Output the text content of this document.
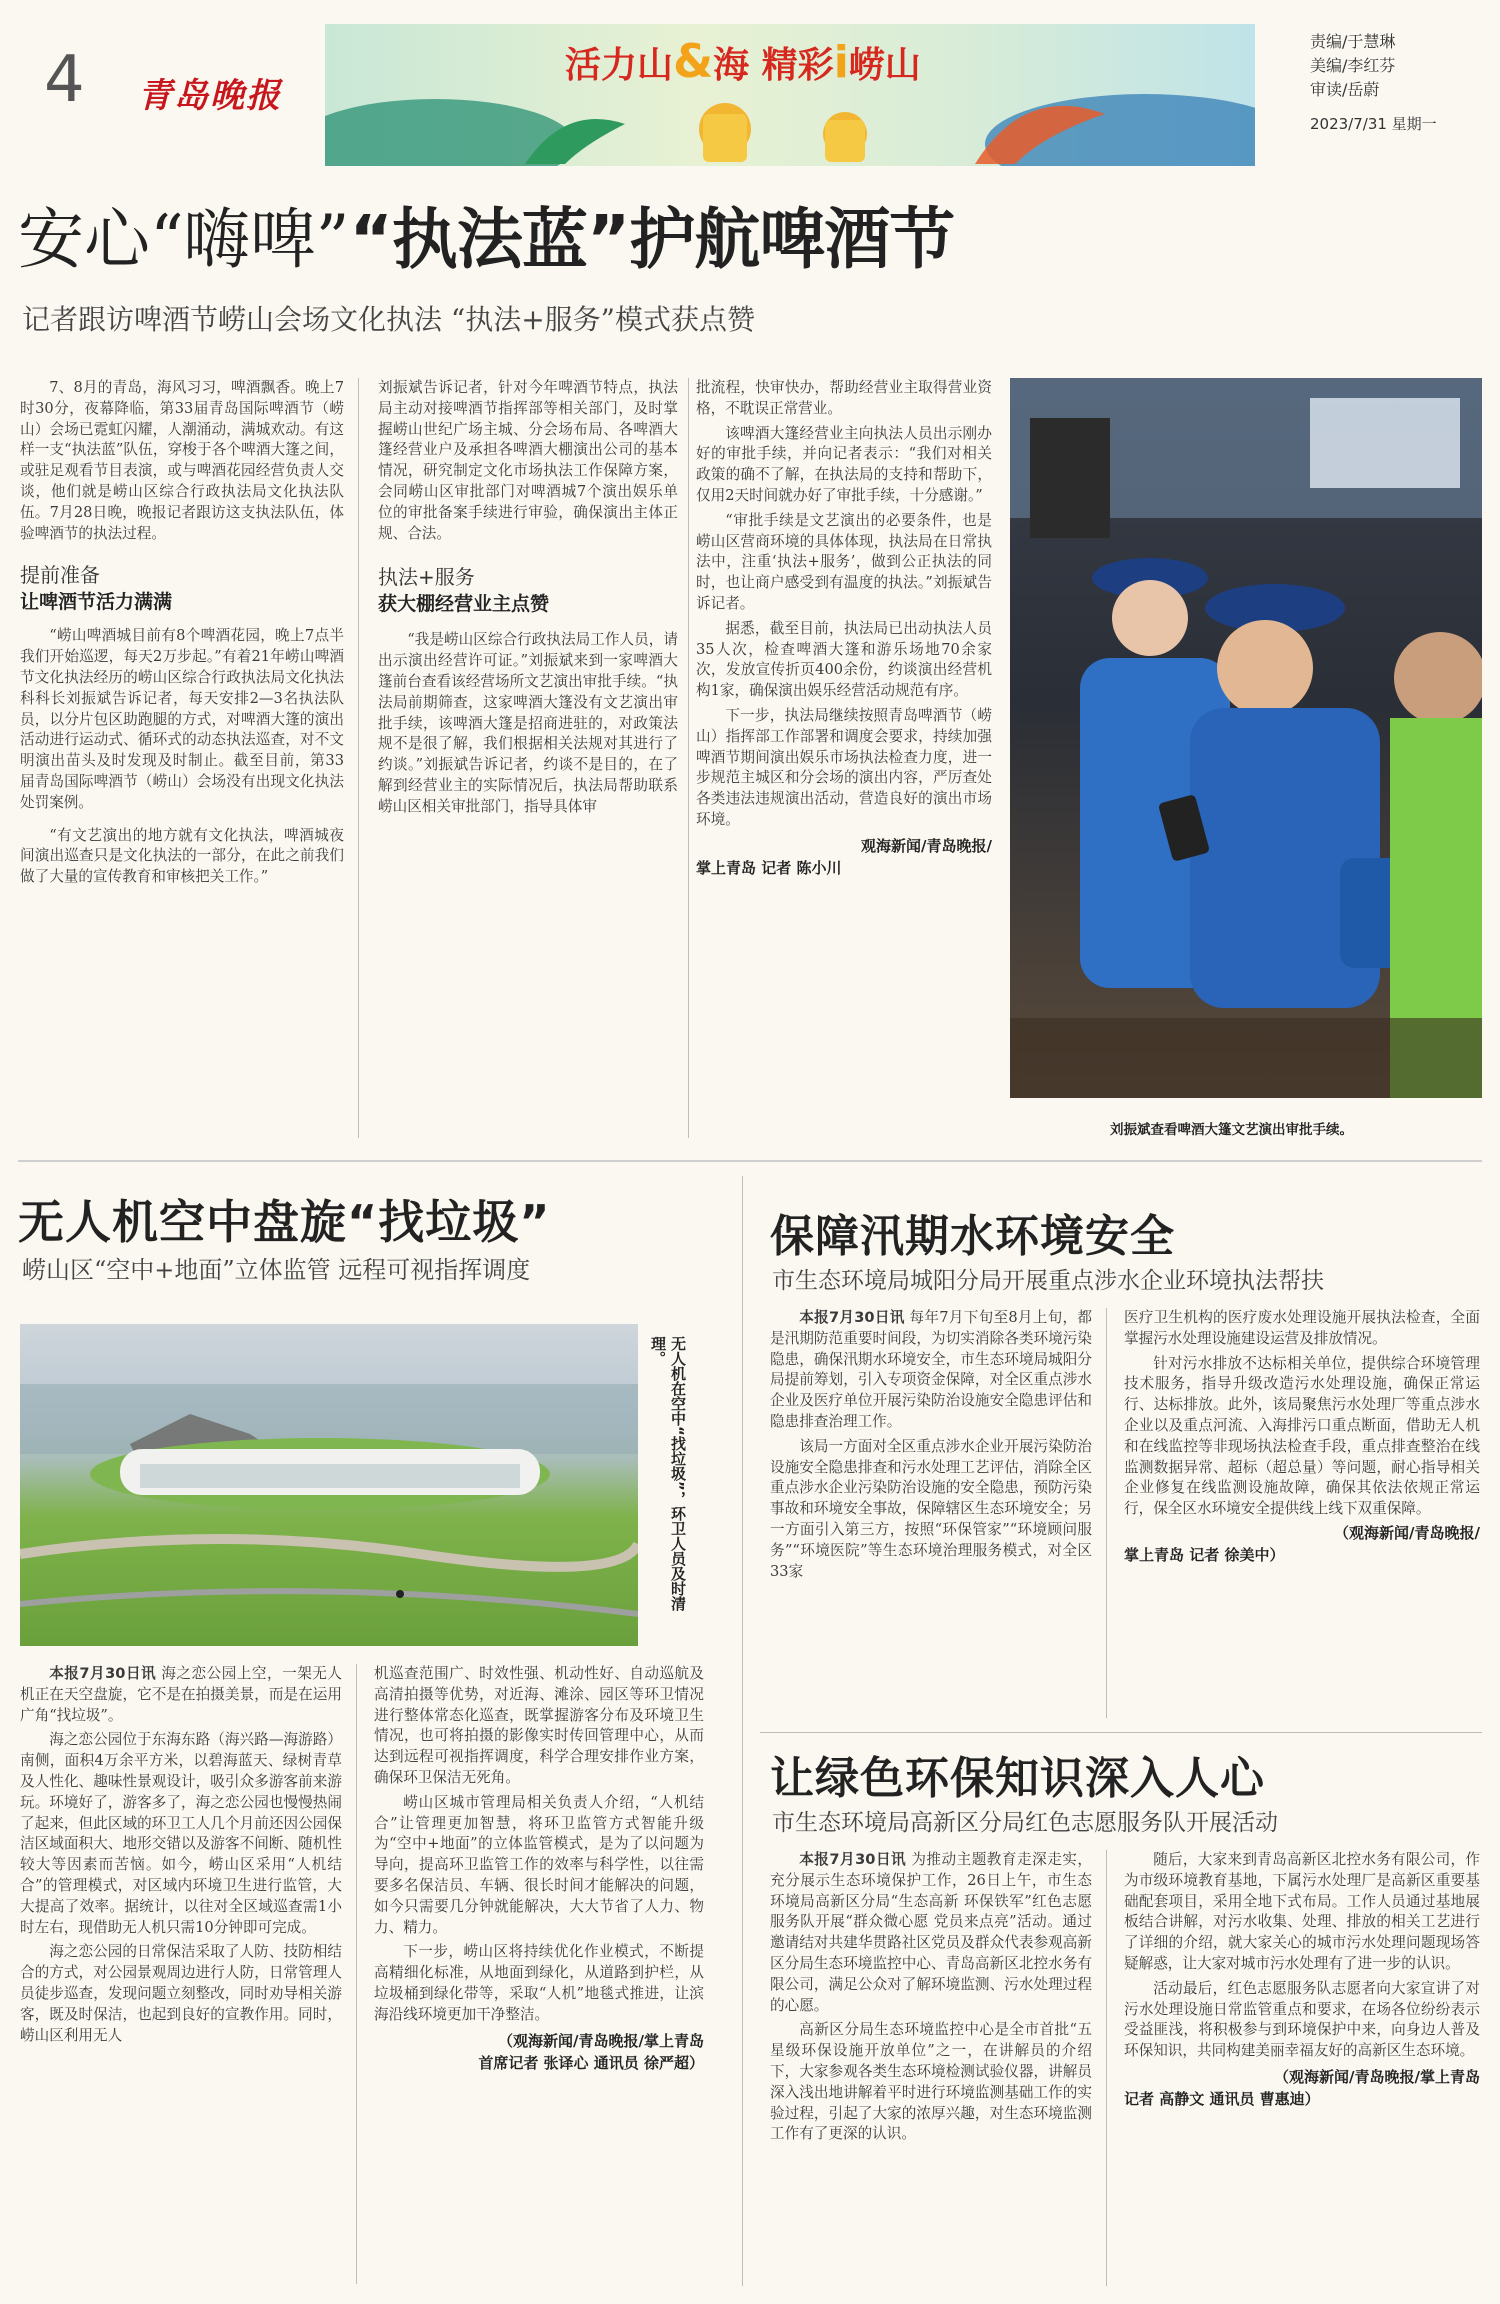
4 青岛晚报
活力山&海 精彩i崂山
责编/于慧琳
美编/李红芬
审读/岳蔚
2023/7/31 星期一
安心“嗨啤”“执法蓝”护航啤酒节
记者跟访啤酒节崂山会场文化执法 “执法+服务”模式获点赞

7、8月的青岛，海风习习，啤酒飘香。晚上7时30分，夜幕降临，第33届青岛国际啤酒节（崂山）会场已霓虹闪耀，人潮涌动，满城欢动。有这样一支“执法蓝”队伍，穿梭于各个啤酒大篷之间，或驻足观看节目表演，或与啤酒花园经营负责人交谈，他们就是崂山区综合行政执法局文化执法队伍。7月28日晚，晚报记者跟访这支执法队伍，体验啤酒节的执法过程。

提前准备
让啤酒节活力满满

“崂山啤酒城目前有8个啤酒花园，晚上7点半我们开始巡逻，每天2万步起。”有着21年崂山啤酒节文化执法经历的崂山区综合行政执法局文化执法科科长刘振斌告诉记者，每天安排2—3名执法队员，以分片包区助跑腿的方式，对啤酒大篷的演出活动进行运动式、循环式的动态执法巡查，对不文明演出苗头及时发现及时制止。截至目前，第33届青岛国际啤酒节（崂山）会场没有出现文化执法处罚案例。

“有文艺演出的地方就有文化执法，啤酒城夜间演出巡查只是文化执法的一部分，在此之前我们做了大量的宣传教育和审核把关工作。”

刘振斌告诉记者，针对今年啤酒节特点，执法局主动对接啤酒节指挥部等相关部门，及时掌握崂山世纪广场主城、分会场布局、各啤酒大篷经营业户及承担各啤酒大棚演出公司的基本情况，研究制定文化市场执法工作保障方案，会同崂山区审批部门对啤酒城7个演出娱乐单位的审批备案手续进行审验，确保演出主体正规、合法。

执法+服务
获大棚经营业主点赞

“我是崂山区综合行政执法局工作人员，请出示演出经营许可证。”刘振斌来到一家啤酒大篷前台查看该经营场所文艺演出审批手续。“执法局前期筛查，这家啤酒大篷没有文艺演出审批手续，该啤酒大篷是招商进驻的，对政策法规不是很了解，我们根据相关法规对其进行了约谈。”刘振斌告诉记者，约谈不是目的，在了解到经营业主的实际情况后，执法局帮助联系崂山区相关审批部门，指导具体审

批流程，快审快办，帮助经营业主取得营业资格，不耽误正常营业。

该啤酒大篷经营业主向执法人员出示刚办好的审批手续，并向记者表示：“我们对相关政策的确不了解，在执法局的支持和帮助下，仅用2天时间就办好了审批手续，十分感谢。”

“审批手续是文艺演出的必要条件，也是崂山区营商环境的具体体现，执法局在日常执法中，注重‘执法+服务’，做到公正执法的同时，也让商户感受到有温度的执法。”刘振斌告诉记者。

据悉，截至目前，执法局已出动执法人员35人次，检查啤酒大篷和游乐场地70余家次，发放宣传折页400余份，约谈演出经营机构1家，确保演出娱乐经营活动规范有序。

下一步，执法局继续按照青岛啤酒节（崂山）指挥部工作部署和调度会要求，持续加强啤酒节期间演出娱乐市场执法检查力度，进一步规范主城区和分会场的演出内容，严厉查处各类违法违规演出活动，营造良好的演出市场环境。

观海新闻/青岛晚报/
掌上青岛 记者 陈小川
刘振斌查看啤酒大篷文艺演出审批手续。
无人机空中盘旋“找垃圾”
崂山区“空中+地面”立体监管 远程可视指挥调度
无人机在空中“找垃圾”，环卫人员及时清理。

本报7月30日讯 海之恋公园上空，一架无人机正在天空盘旋，它不是在拍摄美景，而是在运用广角“找垃圾”。

海之恋公园位于东海东路（海兴路—海游路）南侧，面积4万余平方米，以碧海蓝天、绿树青草及人性化、趣味性景观设计，吸引众多游客前来游玩。环境好了，游客多了，海之恋公园也慢慢热闹了起来，但此区域的环卫工人几个月前还因公园保洁区域面积大、地形交错以及游客不间断、随机性较大等因素而苦恼。如今，崂山区采用“人机结合”的管理模式，对区域内环境卫生进行监管，大大提高了效率。据统计，以往对全区域巡查需1小时左右，现借助无人机只需10分钟即可完成。

海之恋公园的日常保洁采取了人防、技防相结合的方式，对公园景观周边进行人防，日常管理人员徒步巡查，发现问题立刻整改，同时劝导相关游客，既及时保洁，也起到良好的宣教作用。同时，崂山区利用无人

机巡查范围广、时效性强、机动性好、自动巡航及高清拍摄等优势，对近海、滩涂、园区等环卫情况进行整体常态化巡查，既掌握游客分布及环境卫生情况，也可将拍摄的影像实时传回管理中心，从而达到远程可视指挥调度，科学合理安排作业方案，确保环卫保洁无死角。

崂山区城市管理局相关负责人介绍，“人机结合”让管理更加智慧，将环卫监管方式智能升级为“空中+地面”的立体监管模式，是为了以问题为导向，提高环卫监管工作的效率与科学性，以往需要多名保洁员、车辆、很长时间才能解决的问题，如今只需要几分钟就能解决，大大节省了人力、物力、精力。

下一步，崂山区将持续优化作业模式，不断提高精细化标准，从地面到绿化，从道路到护栏，从垃圾桶到绿化带等，采取“人机”地毯式推进，让滨海沿线环境更加干净整洁。

（观海新闻/青岛晚报/掌上青岛
首席记者 张译心 通讯员 徐严超）
保障汛期水环境安全
市生态环境局城阳分局开展重点涉水企业环境执法帮扶

本报7月30日讯 每年7月下旬至8月上旬，都是汛期防范重要时间段，为切实消除各类环境污染隐患，确保汛期水环境安全，市生态环境局城阳分局提前筹划，引入专项资金保障，对全区重点涉水企业及医疗单位开展污染防治设施安全隐患评估和隐患排查治理工作。

该局一方面对全区重点涉水企业开展污染防治设施安全隐患排查和污水处理工艺评估，消除全区重点涉水企业污染防治设施的安全隐患，预防污染事故和环境安全事故，保障辖区生态环境安全；另一方面引入第三方，按照“环保管家”“环境顾问服务”“环境医院”等生态环境治理服务模式，对全区33家

医疗卫生机构的医疗废水处理设施开展执法检查，全面掌握污水处理设施建设运营及排放情况。

针对污水排放不达标相关单位，提供综合环境管理技术服务，指导升级改造污水处理设施，确保正常运行、达标排放。此外，该局聚焦污水处理厂等重点涉水企业以及重点河流、入海排污口重点断面，借助无人机和在线监控等非现场执法检查手段，重点排查整治在线监测数据异常、超标（超总量）等问题，耐心指导相关企业修复在线监测设施故障，确保其依法依规正常运行，保全区水环境安全提供线上线下双重保障。

（观海新闻/青岛晚报/
掌上青岛 记者 徐美中）
让绿色环保知识深入人心
市生态环境局高新区分局红色志愿服务队开展活动

本报7月30日讯 为推动主题教育走深走实，充分展示生态环境保护工作，26日上午，市生态环境局高新区分局“生态高新 环保铁军”红色志愿服务队开展“群众微心愿 党员来点亮”活动。通过邀请结对共建华贯路社区党员及群众代表参观高新区分局生态环境监控中心、青岛高新区北控水务有限公司，满足公众对了解环境监测、污水处理过程的心愿。

高新区分局生态环境监控中心是全市首批“五星级环保设施开放单位”之一，在讲解员的介绍下，大家参观各类生态环境检测试验仪器，讲解员深入浅出地讲解着平时进行环境监测基础工作的实验过程，引起了大家的浓厚兴趣，对生态环境监测工作有了更深的认识。

随后，大家来到青岛高新区北控水务有限公司，作为市级环境教育基地，下属污水处理厂是高新区重要基础配套项目，采用全地下式布局。工作人员通过基地展板结合讲解，对污水收集、处理、排放的相关工艺进行了详细的介绍，就大家关心的城市污水处理问题现场答疑解惑，让大家对城市污水处理有了进一步的认识。

活动最后，红色志愿服务队志愿者向大家宣讲了对污水处理设施日常监管重点和要求，在场各位纷纷表示受益匪浅，将积极参与到环境保护中来，向身边人普及环保知识，共同构建美丽幸福友好的高新区生态环境。

（观海新闻/青岛晚报/掌上青岛
记者 高静文 通讯员 曹惠迪）
